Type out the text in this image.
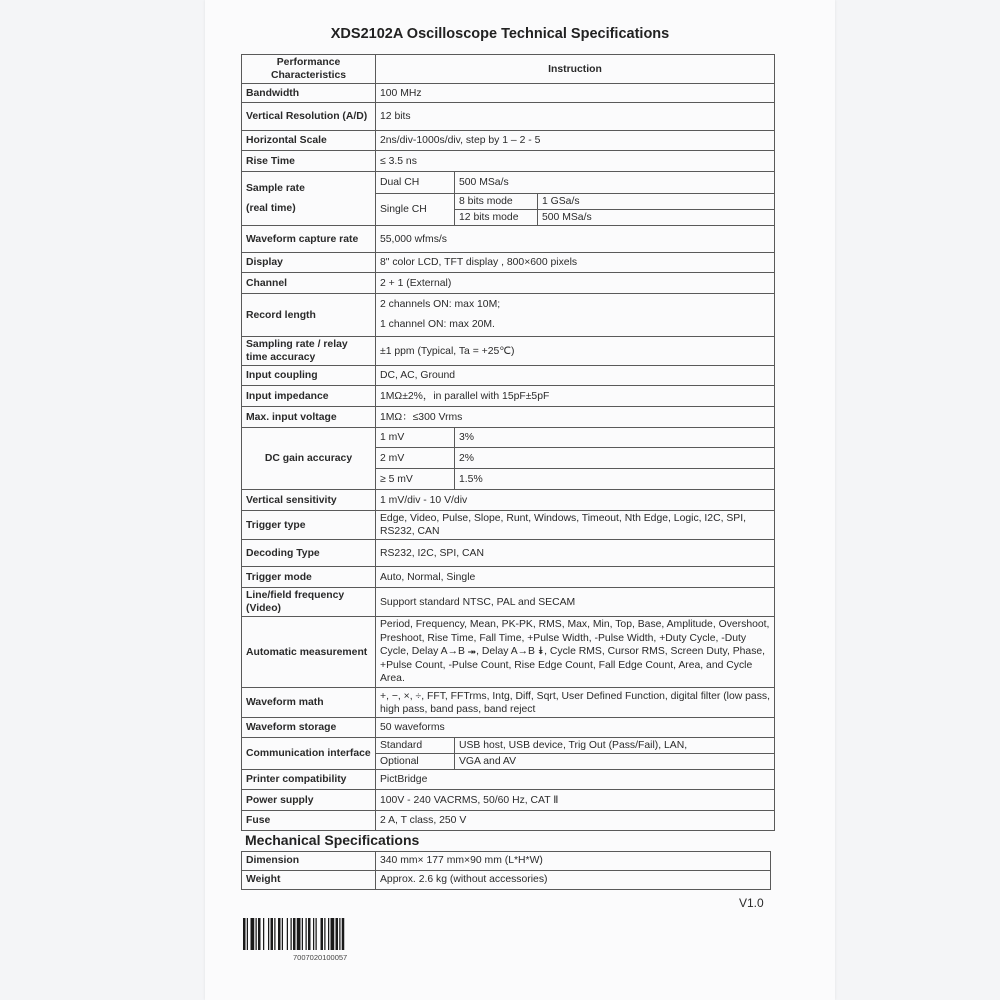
XDS2102A Oscilloscope Technical Specifications
Performance Characteristics	Instruction		
Bandwidth	100 MHz		
Vertical Resolution (A/D)	12 bits		
Horizontal Scale	2ns/div-1000s/div, step by 1 – 2 - 5		
Rise Time	≤ 3.5 ns		
Sample rate
(real time)	Dual CH	500 MSa/s	
	Single CH	8 bits mode	1 GSa/s
		12 bits mode	500 MSa/s
Waveform capture rate	55,000 wfms/s		
Display	8" color LCD, TFT display , 800×600 pixels		
Channel	2 + 1 (External)		
Record length	2 channels ON: max 10M;
1 channel ON: max 20M.		
Sampling rate / relay time accuracy	±1 ppm (Typical, Ta = +25℃)		
Input coupling	DC, AC, Ground		
Input impedance	1MΩ±2%，in parallel with 15pF±5pF		
Max. input voltage	1MΩ：≤300 Vrms		
DC gain accuracy	1 mV	3%	
	2 mV	2%	
	≥ 5 mV	1.5%	
Vertical sensitivity	1 mV/div - 10 V/div		
Trigger type	Edge, Video, Pulse, Slope, Runt, Windows, Timeout, Nth Edge, Logic, I2C, SPI, RS232, CAN		
Decoding Type	RS232, I2C, SPI, CAN		
Trigger mode	Auto, Normal, Single		
Line/field frequency (Video)	Support standard NTSC, PAL and SECAM		
Automatic measurement	Period, Frequency, Mean, PK-PK, RMS, Max, Min, Top, Base, Amplitude, Overshoot, Preshoot, Rise Time, Fall Time, +Pulse Width, -Pulse Width, +Duty Cycle, -Duty Cycle, Delay A→B ⯮, Delay A→B ⯯, Cycle RMS, Cursor RMS, Screen Duty, Phase, +Pulse Count, -Pulse Count, Rise Edge Count, Fall Edge Count, Area, and Cycle Area.		
Waveform math	+, −, ×, ÷, FFT, FFTrms, Intg, Diff, Sqrt, User Defined Function, digital filter (low pass, high pass, band pass, band reject		
Waveform storage	50 waveforms		
Communication interface	Standard	USB host, USB device, Trig Out (Pass/Fail), LAN,	
	Optional	VGA and AV	
Printer compatibility	PictBridge		
Power supply	100V - 240 VACRMS, 50/60 Hz, CAT Ⅱ		
Fuse	2 A, T class, 250 V		
Mechanical Specifications
Dimension	340 mm× 177 mm×90 mm (L*H*W)
Weight	Approx. 2.6 kg (without accessories)
V1.0
7007020100057
